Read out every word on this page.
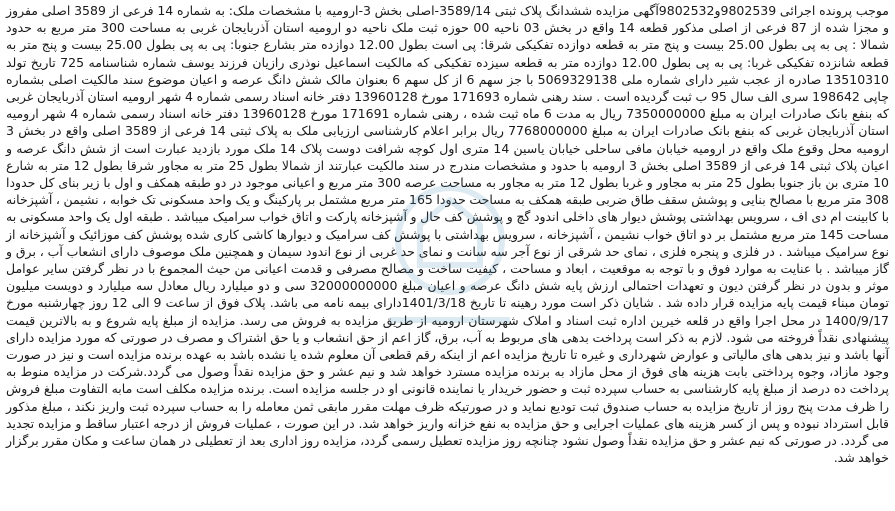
موجب پرونده اجرائی 9802539و9802532آگهی مزایده ششدانگ پلاک ثبتی 3589/14-اصلی بخش 3-ارومیه با مشخصات ملک: به شماره 14 فرعی از 3589 اصلی مفروز و مجزا شده از 87 فرعی از اصلی مذکور قطعه 14 واقع در بخش 03 ناحیه 00 حوزه ثبت ملک ناحیه دو ارومیه استان آذربایجان غربی به مساحت 300 متر مربع به حدود شمالا : پی به پی بطول 25.00 بیست و پنج متر به قطعه دوازده تفکیکی شرقا: پی است بطول 12.00 دوازده متر بشارع جنوبا: پی به پی بطول 25.00 بیست و پنج متر به قطعه شانزده تفکیکی غربا: پی به پی بطول 12.00 دوازده متر به قطعه سیزده تفکیکی که مالکیت اسماعیل نوذری رازیان فرزند یوسف شماره شناسنامه 725 تاریخ تولد 13510310 صادره از عجب شیر دارای شماره ملی 5069329138 با جز سهم 6 از کل سهم 6 بعنوان مالک شش دانگ عرصه و اعیان موضوع سند مالکیت اصلی بشماره چاپی 198642 سری الف سال 95 ب ثبت گردیده است . سند رهنی شماره 171693 مورخ 13960128 دفتر خانه اسناد رسمی شماره 4 شهر ارومیه استان آذربایجان غربی که بنفع بانک صادرات ایران به مبلغ 7350000000 ریال به مدت 6 ماه ثبت شده ، رهنی شماره 171691 مورخ 13960128 دفتر خانه اسناد رسمی شماره 4 شهر ارومیه استان آذربایجان غربی که بنفع بانک صادرات ایران به مبلغ 7768000000 ریال برابر اعلام کارشناسی ارزیابی ملک به پلاک ثبتی 14 فرعی از 3589 اصلی واقع در بخش 3 ارومیه محل وقوع ملک واقع در ارومیه خیابان مافی ساحلی خیابان یاسین 14 متری اول کوچه شرافت دوست پلاک 14 ملک مورد بازدید عبارت است از شش دانگ عرصه و اعیان پلاک ثبتی 14 فرعی از 3589 اصلی بخش 3 ارومیه با حدود و مشخصات مندرج در سند مالکیت عبارتند از شمالا بطول 25 متر به مجاور شرقا بطول 12 متر به شارع 10 متری بن باز جنوبا بطول 25 متر به مجاور و غربا بطول 12 متر به مجاور به مساحت عرصه 300 متر مربع و اعیانی موجود در دو طبقه همکف و اول با زیر بنای کل حدودا 308 متر مربع با مصالح بنایی و پوشش سقف طاق ضربی طبقه همکف به مساحت حدودا 165 متر مربع مشتمل بر پارکینگ و یک واحد مسکونی تک خوابه ، نشیمن ، آشپزخانه با کابینت ام دی اف ، سرویس بهداشتی پوشش دیوار های داخلی اندود گچ و پوشش کف حال و آشپزخانه پارکت و اتاق خواب سرامیک میباشد . طبقه اول یک واحد مسکونی به مساحت 145 متر مربع مشتمل بر دو اتاق خواب نشیمن ، آشپزخانه ، سرویس بهداشتی با پوشش کف سرامیک و دیوارها کاشی کاری شده پوشش کف موزائیک و آشپزخانه از نوع سرامیک میباشد . در فلزی و پنجره فلزی ، نمای حد شرقی از نوع آجر سه سانت و نمای حد غربی از نوع اندود سیمان و همچنین ملک موصوف دارای انشعاب آب ، برق و گاز میباشد . با عنایت به موارد فوق و با توجه به موقعیت ، ابعاد و مساحت ، کیفیت ساخت و مصالح مصرفی و قدمت اعیانی من حیث المجموع با در نظر گرفتن سایر عوامل موثر و بدون در نظر گرفتن دیون و تعهدات احتمالی ارزش پایه شش دانگ عرصه و اعیان مبلغ 32000000000 سی و دو میلیارد ریال معادل سه میلیارد و دویست میلیون تومان مبناء قیمت پایه مزایده قرار داده شد . شایان ذکر است مورد رهینه تا تاریخ 1401/3/18دارای بیمه نامه می باشد. پلاک فوق از ساعت 9 الی 12 روز چهارشنبه مورخ 1400/9/17 در محل اجرا واقع در قلعه خیرین اداره ثبت اسناد و املاک شهرستان ارومیه از طریق مزایده به فروش می رسد. مزایده از مبلغ پایه شروع و به بالاترین قیمت پیشنهادی نقداً فروخته می شود. لازم به ذکر است پرداخت بدهی های مربوط به آب، برق، گاز اعم از حق انشعاب و یا حق اشتراک و مصرف در صورتی که مورد مزایده دارای آنها باشد و نیز بدهی های مالیاتی و عوارض شهرداری و غیره تا تاریخ مزایده اعم از اینکه رقم قطعی آن معلوم شده یا نشده باشد به عهده برنده مزایده است و نیز در صورت وجود مازاد، وجوه پرداختی بابت هزینه های فوق از محل مازاد به برنده مزایده مسترد خواهد شد و نیم عشر و حق مزایده نقداً وصول می گردد.شرکت در مزایده منوط به پرداخت ده درصد از مبلغ پایه کارشناسی به حساب سپرده ثبت و حضور خریدار یا نماینده قانونی او در جلسه مزایده است. برنده مزایده مکلف است مابه التفاوت مبلغ فروش را ظرف مدت پنج روز از تاریخ مزایده به حساب صندوق ثبت تودیع نماید و در صورتیکه ظرف مهلت مقرر مابقی ثمن معامله را به حساب سپرده ثبت واریز نکند ، مبلغ مذکور قابل استرداد نبوده و پس از کسر هزینه های عملیات اجرایی و حق مزایده به نفع خزانه واریز خواهد شد. در این صورت ، عملیات فروش از درجه اعتبار ساقط و مزایده تجدید می گردد. در صورتی که نیم عشر و حق مزایده نقداً وصول نشود چنانچه روز مزایده تعطیل رسمی گردد، مزایده روز اداری بعد از تعطیلی در همان ساعت و مکان مقرر برگزار خواهد شد.
